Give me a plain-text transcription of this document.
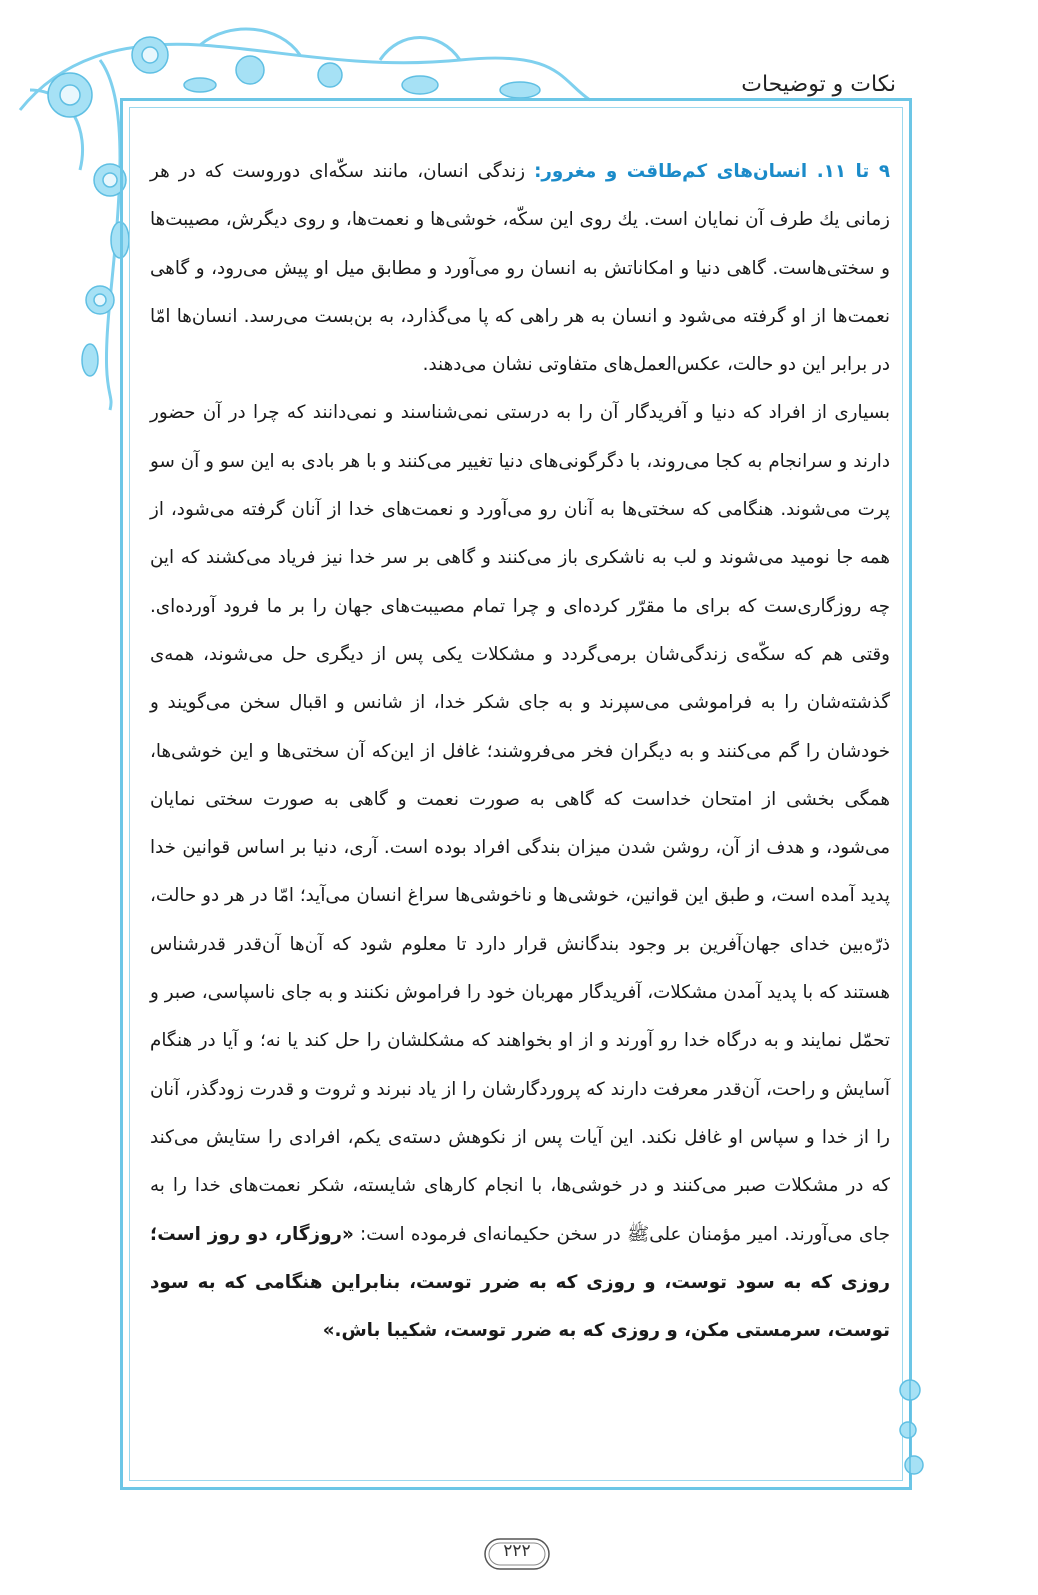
نکات و توضیحات

۹ تا ۱۱. انسان‌های کم‌طاقت و مغرور: زندگی انسان، مانند سکّه‌ای دوروست که در هر زمانی یك طرف آن نمایان است. یك روی این سکّه، خوشی‌ها و نعمت‌ها، و روی دیگرش، مصیبت‌ها و سختی‌هاست. گاهی دنیا و امکاناتش به انسان رو می‌آورد و مطابق میل او پیش می‌رود، و گاهی نعمت‌ها از او گرفته می‌شود و انسان به هر راهی که پا می‌گذارد، به بن‌بست می‌رسد. انسان‌ها امّا در برابر این دو حالت، عکس‌العمل‌های متفاوتی نشان می‌دهند.

بسیاری از افراد که دنیا و آفریدگار آن را به درستی نمی‌شناسند و نمی‌دانند که چرا در آن حضور دارند و سرانجام به کجا می‌روند، با دگرگونی‌های دنیا تغییر می‌کنند و با هر بادی به این سو و آن سو پرت می‌شوند. هنگامی که سختی‌ها به آنان رو می‌آورد و نعمت‌های خدا از آنان گرفته می‌شود، از همه جا نومید می‌شوند و لب به ناشکری باز می‌کنند و گاهی بر سر خدا نیز فریاد می‌کشند که این چه روزگاری‌ست که برای ما مقرّر کرده‌ای و چرا تمام مصیبت‌های جهان را بر ما فرود آورده‌ای. وقتی هم که سکّه‌ی زندگی‌شان برمی‌گردد و مشکلات یکی پس از دیگری حل می‌شوند، همه‌ی گذشته‌شان را به فراموشی می‌سپرند و به جای شکر خدا، از شانس و اقبال سخن می‌گویند و خودشان را گم می‌کنند و به دیگران فخر می‌فروشند؛ غافل از این‌که آن سختی‌ها و این خوشی‌ها، همگی بخشی از امتحان خداست که گاهی به صورت نعمت و گاهی به صورت سختی نمایان می‌شود، و هدف از آن، روشن شدن میزان بندگی افراد بوده است. آری، دنیا بر اساس قوانین خدا پدید آمده است، و طبق این قوانین، خوشی‌ها و ناخوشی‌ها سراغ انسان می‌آید؛ امّا در هر دو حالت، ذرّه‌بین خدای جهان‌آفرین بر وجود بندگانش قرار دارد تا معلوم شود که آن‌ها آن‌قدر قدرشناس هستند که با پدید آمدن مشکلات، آفریدگار مهربان خود را فراموش نکنند و به جای ناسپاسی، صبر و تحمّل نمایند و به درگاه خدا رو آورند و از او بخواهند که مشکلشان را حل کند یا نه؛ و آیا در هنگام آسایش و راحت، آن‌قدر معرفت دارند که پروردگارشان را از یاد نبرند و ثروت و قدرت زودگذر، آنان را از خدا و سپاس او غافل نکند. این آیات پس از نکوهش دسته‌ی یکم، افرادی را ستایش می‌کند که در مشکلات صبر می‌کنند و در خوشی‌ها، با انجام کارهای شایسته، شکر نعمت‌های خدا را به جای می‌آورند. امیر مؤمنان علیﷺ در سخن حکیمانه‌ای فرموده است: «روزگار، دو روز است؛ روزی که به سود توست، و روزی که به ضرر توست، بنابراین هنگامی که به سود توست، سرمستی مکن، و روزی که به ضرر توست، شکیبا باش.»

۲۲۲
